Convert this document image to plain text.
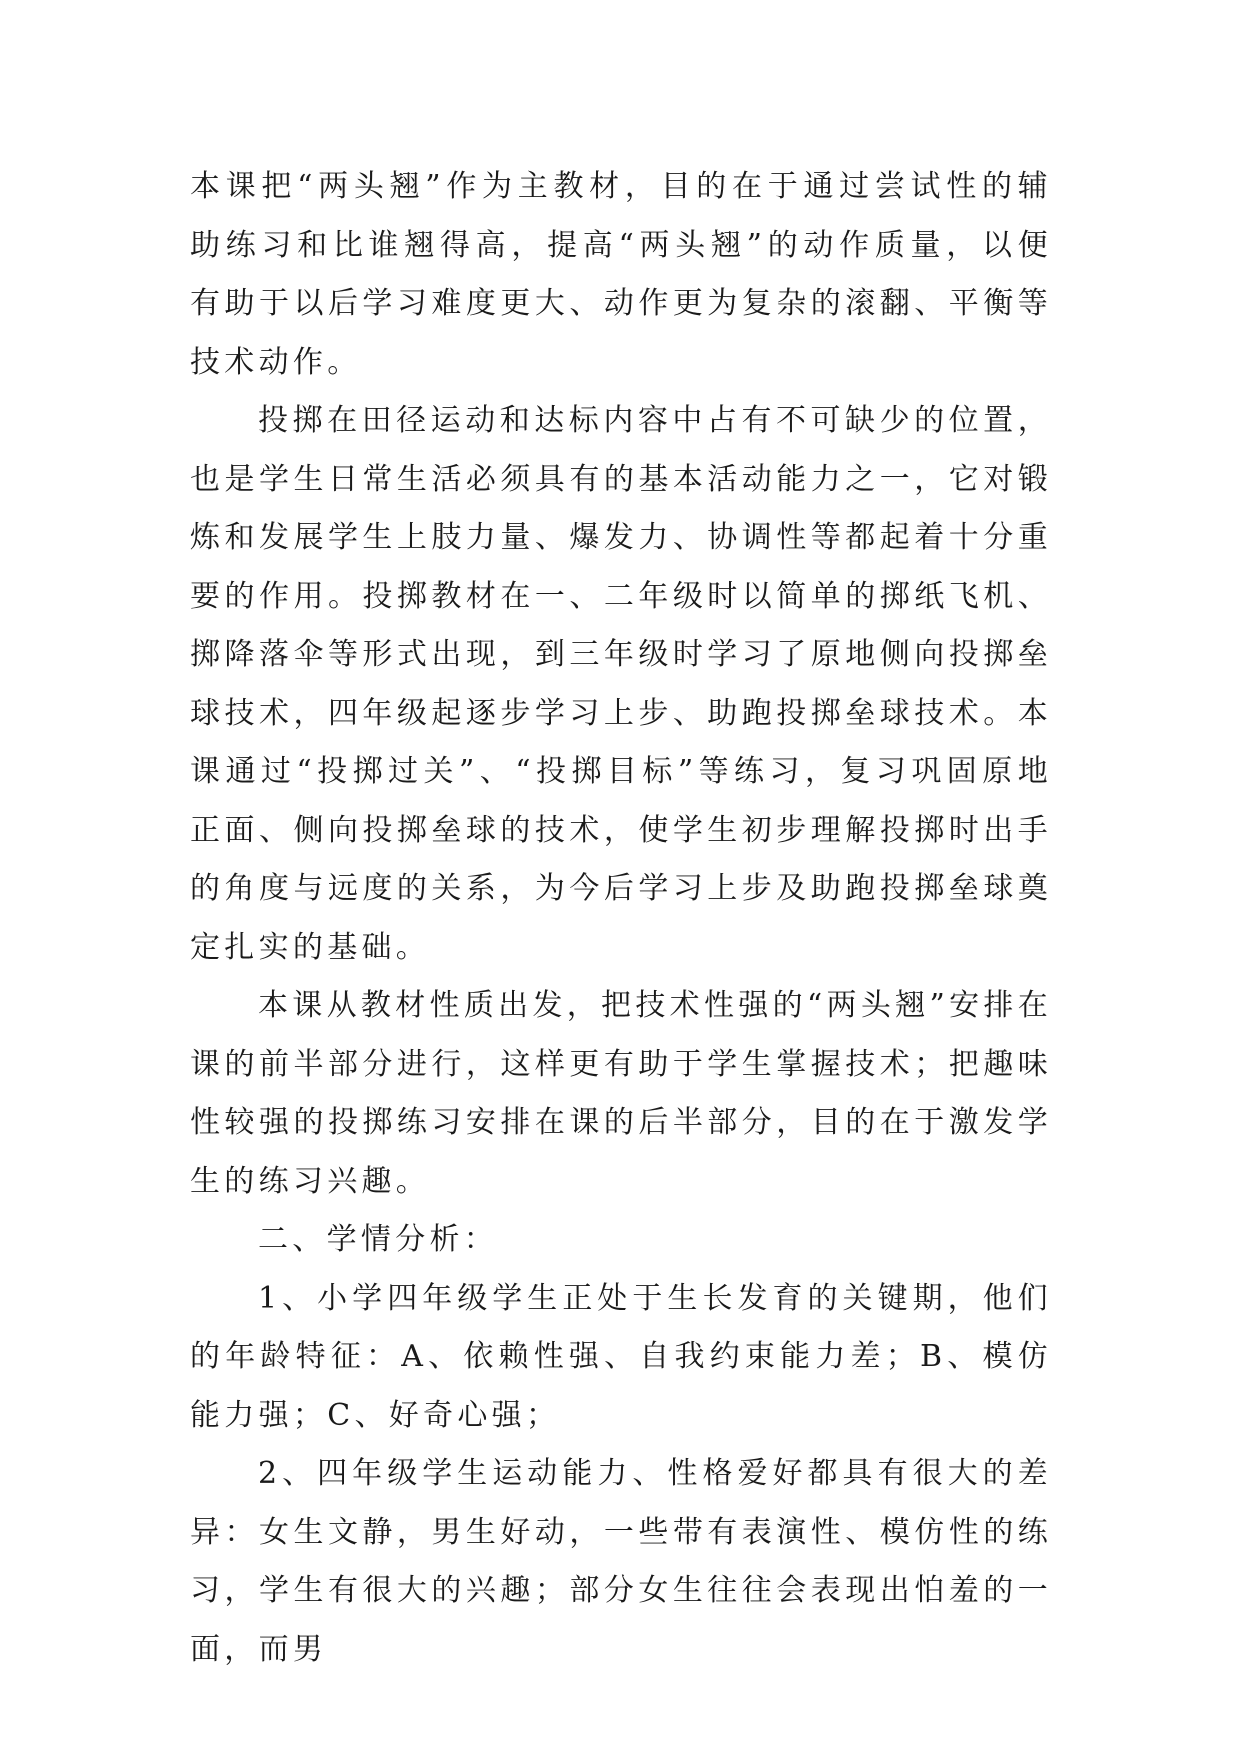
本课把“两头翘”作为主教材，目的在于通过尝试性的辅助练习和比谁翘得高，提高“两头翘”的动作质量，以便有助于以后学习难度更大、动作更为复杂的滚翻、平衡等技术动作。

投掷在田径运动和达标内容中占有不可缺少的位置，也是学生日常生活必须具有的基本活动能力之一，它对锻炼和发展学生上肢力量、爆发力、协调性等都起着十分重要的作用。投掷教材在一、二年级时以简单的掷纸飞机、掷降落伞等形式出现，到三年级时学习了原地侧向投掷垒球技术，四年级起逐步学习上步、助跑投掷垒球技术。本课通过“投掷过关”、“投掷目标”等练习，复习巩固原地正面、侧向投掷垒球的技术，使学生初步理解投掷时出手的角度与远度的关系，为今后学习上步及助跑投掷垒球奠定扎实的基础。

本课从教材性质出发，把技术性强的“两头翘”安排在课的前半部分进行，这样更有助于学生掌握技术；把趣味性较强的投掷练习安排在课的后半部分，目的在于激发学生的练习兴趣。

二、学情分析：

1、小学四年级学生正处于生长发育的关键期，他们的年龄特征：A、依赖性强、自我约束能力差；B、模仿能力强；C、好奇心强；

2、四年级学生运动能力、性格爱好都具有很大的差异：女生文静，男生好动，一些带有表演性、模仿性的练习，学生有很大的兴趣；部分女生往往会表现出怕羞的一面，而男
